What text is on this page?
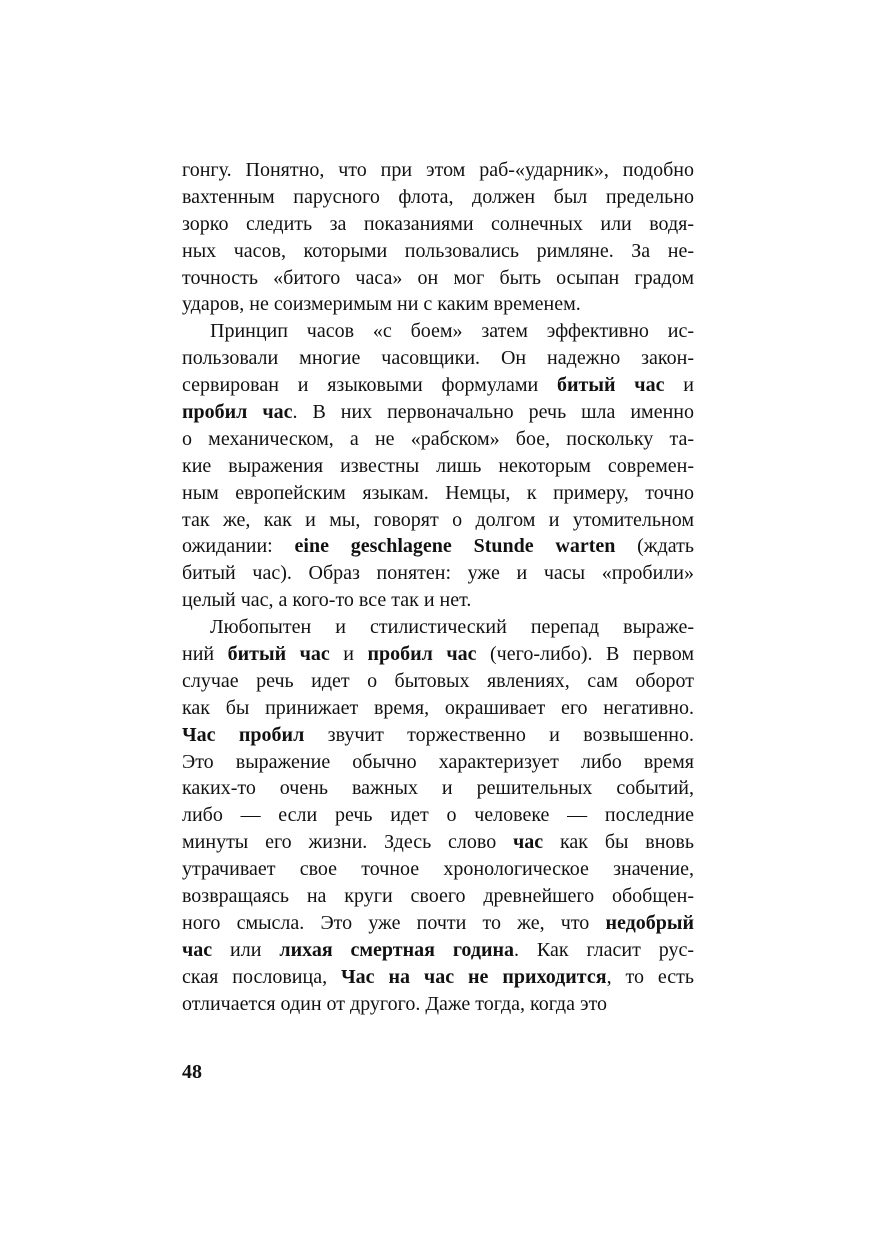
гонгу. Понятно, что при этом раб-«ударник», подобно
вахтенным парусного флота, должен был предельно
зорко следить за показаниями солнечных или водя-
ных часов, которыми пользовались римляне. За не-
точность «битого часа» он мог быть осыпан градом
ударов, не соизмеримым ни с каким временем.
Принцип часов «с боем» затем эффективно ис-
пользовали многие часовщики. Он надежно закон-
сервирован и языковыми формулами битый час и
пробил час. В них первоначально речь шла именно
о механическом, а не «рабском» бое, поскольку та-
кие выражения известны лишь некоторым современ-
ным европейским языкам. Немцы, к примеру, точно
так же, как и мы, говорят о долгом и утомительном
ожидании: eine geschlagene Stunde warten (ждать
битый час). Образ понятен: уже и часы «пробили»
целый час, а кого-то все так и нет.
Любопытен и стилистический перепад выраже-
ний битый час и пробил час (чего-либо). В первом
случае речь идет о бытовых явлениях, сам оборот
как бы принижает время, окрашивает его негативно.
Час пробил звучит торжественно и возвышенно.
Это выражение обычно характеризует либо время
каких-то очень важных и решительных событий,
либо — если речь идет о человеке — последние
минуты его жизни. Здесь слово час как бы вновь
утрачивает свое точное хронологическое значение,
возвращаясь на круги своего древнейшего обобщен-
ного смысла. Это уже почти то же, что недобрый
час или лихая смертная година. Как гласит рус-
ская пословица, Час на час не приходится, то есть
отличается один от другого. Даже тогда, когда это
48
